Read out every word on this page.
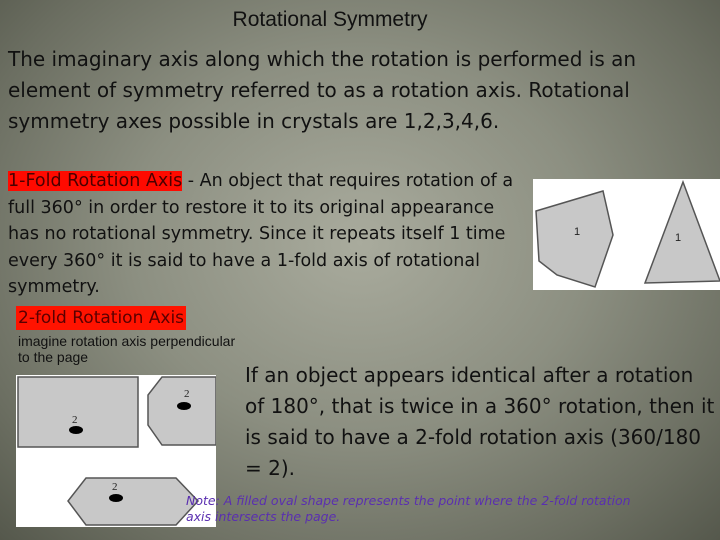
Rotational Symmetry
The imaginary axis along which the rotation is performed is an element of symmetry referred to as a rotation axis. Rotational symmetry axes possible in crystals are 1,2,3,4,6.
1-Fold Rotation Axis - An object that requires rotation of a full 360° in order to restore it to its original appearance has no rotational symmetry. Since it repeats itself 1 time every 360° it is said to have a 1-fold axis of rotational symmetry.
1	1
2-fold Rotation Axis
imagine rotation axis perpendicular to the page
2
2
2
If an object appears identical after a rotation of 180°, that is twice in a 360° rotation, then it is said to have a 2-fold rotation axis (360/180 = 2).
Note: A filled oval shape represents the point where the 2-fold rotation axis intersects the page.
